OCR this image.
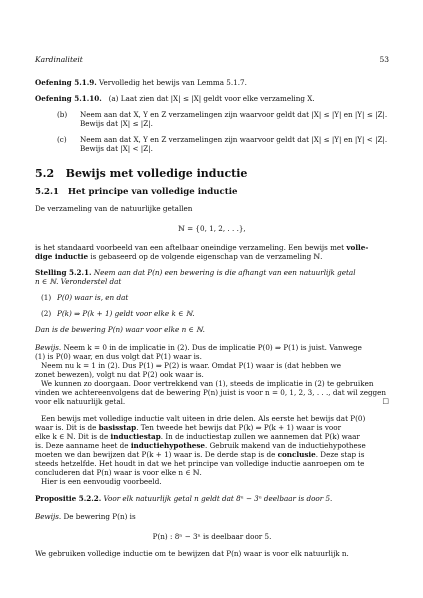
Kardinaliteit	53
Oefening 5.1.9. Vervolledig het bewijs van Lemma 5.1.7.
Oefening 5.1.10. (a) Laat zien dat |X| ≤ |X| geldt voor elke verzameling X.
(b) Neem aan dat X, Y en Z verzamelingen zijn waarvoor geldt dat |X| ≤ |Y| en |Y| ≤ |Z|.
Bewijs dat |X| ≤ |Z|.
(c) Neem aan dat X, Y en Z verzamelingen zijn waarvoor geldt dat |X| ≤ |Y| en |Y| < |Z|.
Bewijs dat |X| < |Z|.
5.2 Bewijs met volledige inductie
5.2.1 Het principe van volledige inductie
De verzameling van de natuurlijke getallen
ℕ = {0, 1, 2, . . .},
is het standaard voorbeeld van een aftelbaar oneindige verzameling. Een bewijs met volle-
dige inductie is gebaseerd op de volgende eigenschap van de verzameling ℕ.
Stelling 5.2.1. Neem aan dat P(n) een bewering is die afhangt van een natuurlijk getal
n ∈ ℕ. Veronderstel dat
(1) P(0) waar is, en dat
(2) P(k) ⇒ P(k + 1) geldt voor elke k ∈ ℕ.
Dan is de bewering P(n) waar voor elke n ∈ ℕ.
Bewijs. Neem k = 0 in de implicatie in (2). Dus de implicatie P(0) ⇒ P(1) is juist. Vanwege
(1) is P(0) waar, en dus volgt dat P(1) waar is.
Neem nu k = 1 in (2). Dus P(1) ⇒ P(2) is waar. Omdat P(1) waar is (dat hebben we
zonet bewezen), volgt nu dat P(2) ook waar is.
We kunnen zo doorgaan. Door vertrekkend van (1), steeds de implicatie in (2) te gebruiken
vinden we achtereenvolgens dat de bewering P(n) juist is voor n = 0, 1, 2, 3, . . ., dat wil zeggen
voor elk natuurlijk getal.	□
Een bewijs met volledige inductie valt uiteen in drie delen. Als eerste het bewijs dat P(0)
waar is. Dit is de basisstap. Ten tweede het bewijs dat P(k) ⇒ P(k + 1) waar is voor
elke k ∈ ℕ. Dit is de inductiestap. In de inductiestap zullen we aannemen dat P(k) waar
is. Deze aanname heet de inductiehypothese. Gebruik makend van de inductiehypothese
moeten we dan bewijzen dat P(k + 1) waar is. De derde stap is de conclusie. Deze stap is
steeds hetzelfde. Het houdt in dat we het principe van volledige inductie aanroepen om te
concluderen dat P(n) waar is voor elke n ∈ ℕ.
Hier is een eenvoudig voorbeeld.
Propositie 5.2.2. Voor elk natuurlijk getal n geldt dat 8ⁿ − 3ⁿ deelbaar is door 5.
Bewijs. De bewering P(n) is
P(n) : 8ⁿ − 3ⁿ is deelbaar door 5.
We gebruiken volledige inductie om te bewijzen dat P(n) waar is voor elk natuurlijk n.
